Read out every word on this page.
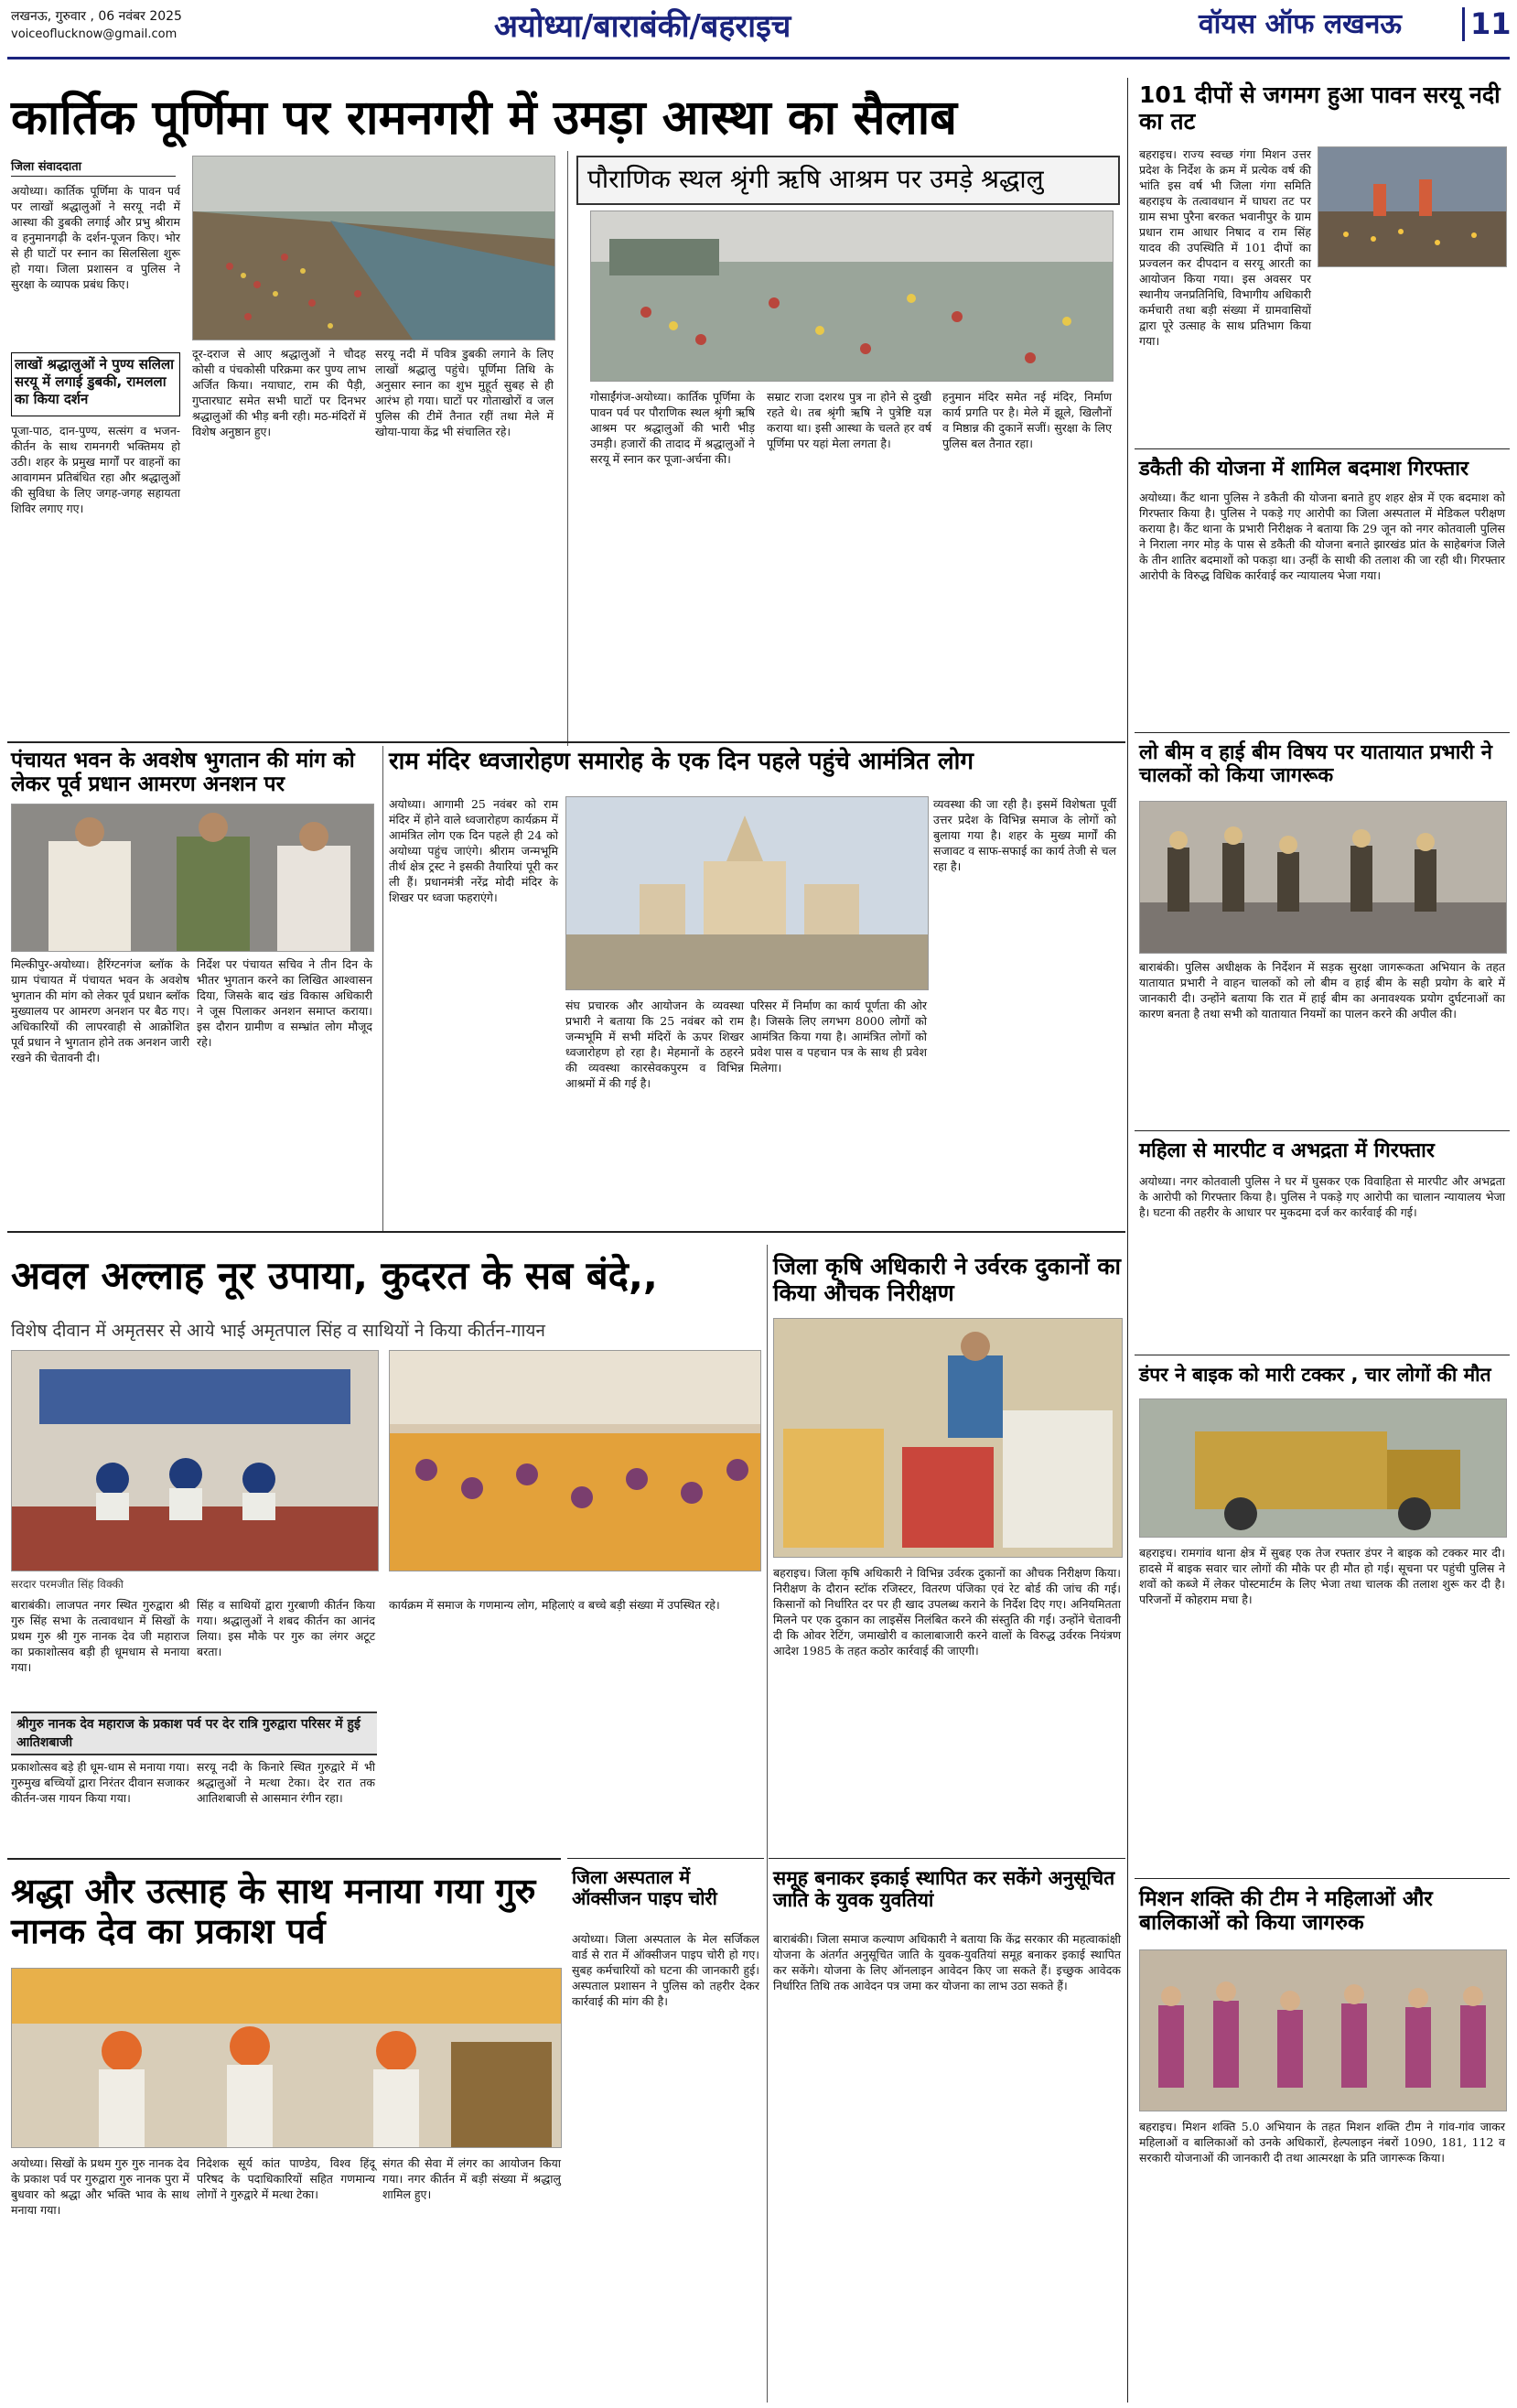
लखनऊ, गुरुवार , 06 नवंबर 2025
voiceoflucknow@gmail.com	अयोध्या/बाराबंकी/बहराइच	वॉयस ऑफ लखनऊ 11
कार्तिक पूर्णिमा पर रामनगरी में उमड़ा आस्था का सैलाब
जिला संवाददाता
अयोध्या। कार्तिक पूर्णिमा के पावन पर्व पर लाखों श्रद्धालुओं ने सरयू नदी में आस्था की डुबकी लगाई और प्रभु श्रीराम व हनुमानगढ़ी के दर्शन-पूजन किए। भोर से ही घाटों पर स्नान का सिलसिला शुरू हो गया। जिला प्रशासन व पुलिस ने सुरक्षा के व्यापक प्रबंध किए।
लाखों श्रद्धालुओं ने पुण्य सलिला सरयू में लगाई डुबकी, रामलला का किया दर्शन
पूजा-पाठ, दान-पुण्य, सत्संग व भजन-कीर्तन के साथ रामनगरी भक्तिमय हो उठी। शहर के प्रमुख मार्गों पर वाहनों का आवागमन प्रतिबंधित रहा और श्रद्धालुओं की सुविधा के लिए जगह-जगह सहायता शिविर लगाए गए।
दूर-दराज से आए श्रद्धालुओं ने चौदह कोसी व पंचकोसी परिक्रमा कर पुण्य लाभ अर्जित किया। नयाघाट, राम की पैड़ी, गुप्तारघाट समेत सभी घाटों पर दिनभर श्रद्धालुओं की भीड़ बनी रही। मठ-मंदिरों में विशेष अनुष्ठान हुए।
सरयू नदी में पवित्र डुबकी लगाने के लिए लाखों श्रद्धालु पहुंचे। पूर्णिमा तिथि के अनुसार स्नान का शुभ मुहूर्त सुबह से ही आरंभ हो गया। घाटों पर गोताखोरों व जल पुलिस की टीमें तैनात रहीं तथा मेले में खोया-पाया केंद्र भी संचालित रहे।
पौराणिक स्थल श्रृंगी ऋषि आश्रम पर उमड़े श्रद्धालु
गोसाईंगंज-अयोध्या। कार्तिक पूर्णिमा के पावन पर्व पर पौराणिक स्थल श्रृंगी ऋषि आश्रम पर श्रद्धालुओं की भारी भीड़ उमड़ी। हजारों की तादाद में श्रद्धालुओं ने सरयू में स्नान कर पूजा-अर्चना की।
सम्राट राजा दशरथ पुत्र ना होने से दुखी रहते थे। तब श्रृंगी ऋषि ने पुत्रेष्टि यज्ञ कराया था। इसी आस्था के चलते हर वर्ष पूर्णिमा पर यहां मेला लगता है।
हनुमान मंदिर समेत नई मंदिर, निर्माण कार्य प्रगति पर है। मेले में झूले, खिलौनों व मिष्ठान्न की दुकानें सजीं। सुरक्षा के लिए पुलिस बल तैनात रहा।
101 दीपों से जगमग हुआ पावन सरयू नदी का तट
बहराइच। राज्य स्वच्छ गंगा मिशन उत्तर प्रदेश के निर्देश के क्रम में प्रत्येक वर्ष की भांति इस वर्ष भी जिला गंगा समिति बहराइच के तत्वावधान में घाघरा तट पर ग्राम सभा पुरैना बरकत भवानीपुर के ग्राम प्रधान राम आधार निषाद व राम सिंह यादव की उपस्थिति में 101 दीपों का प्रज्वलन कर दीपदान व सरयू आरती का आयोजन किया गया। इस अवसर पर स्थानीय जनप्रतिनिधि, विभागीय अधिकारी कर्मचारी तथा बड़ी संख्या में ग्रामवासियों द्वारा पूरे उत्साह के साथ प्रतिभाग किया गया।
डकैती की योजना में शामिल बदमाश गिरफ्तार
अयोध्या। कैंट थाना पुलिस ने डकैती की योजना बनाते हुए शहर क्षेत्र में एक बदमाश को गिरफ्तार किया है। पुलिस ने पकड़े गए आरोपी का जिला अस्पताल में मेडिकल परीक्षण कराया है। कैंट थाना के प्रभारी निरीक्षक ने बताया कि 29 जून को नगर कोतवाली पुलिस ने निराला नगर मोड़ के पास से डकैती की योजना बनाते झारखंड प्रांत के साहेबगंज जिले के तीन शातिर बदमाशों को पकड़ा था। उन्हीं के साथी की तलाश की जा रही थी। गिरफ्तार आरोपी के विरुद्ध विधिक कार्रवाई कर न्यायालय भेजा गया।
लो बीम व हाई बीम विषय पर यातायात प्रभारी ने चालकों को किया जागरूक
बाराबंकी। पुलिस अधीक्षक के निर्देशन में सड़क सुरक्षा जागरूकता अभियान के तहत यातायात प्रभारी ने वाहन चालकों को लो बीम व हाई बीम के सही प्रयोग के बारे में जानकारी दी। उन्होंने बताया कि रात में हाई बीम का अनावश्यक प्रयोग दुर्घटनाओं का कारण बनता है तथा सभी को यातायात नियमों का पालन करने की अपील की।
महिला से मारपीट व अभद्रता में गिरफ्तार
अयोध्या। नगर कोतवाली पुलिस ने घर में घुसकर एक विवाहिता से मारपीट और अभद्रता के आरोपी को गिरफ्तार किया है। पुलिस ने पकड़े गए आरोपी का चालान न्यायालय भेजा है। घटना की तहरीर के आधार पर मुकदमा दर्ज कर कार्रवाई की गई।
डंपर ने बाइक को मारी टक्कर , चार लोगों की मौत
बहराइच। रामगांव थाना क्षेत्र में सुबह एक तेज रफ्तार डंपर ने बाइक को टक्कर मार दी। हादसे में बाइक सवार चार लोगों की मौके पर ही मौत हो गई। सूचना पर पहुंची पुलिस ने शवों को कब्जे में लेकर पोस्टमार्टम के लिए भेजा तथा चालक की तलाश शुरू कर दी है। परिजनों में कोहराम मचा है।
मिशन शक्ति की टीम ने महिलाओं और बालिकाओं को किया जागरुक
बहराइच। मिशन शक्ति 5.0 अभियान के तहत मिशन शक्ति टीम ने गांव-गांव जाकर महिलाओं व बालिकाओं को उनके अधिकारों, हेल्पलाइन नंबरों 1090, 181, 112 व सरकारी योजनाओं की जानकारी दी तथा आत्मरक्षा के प्रति जागरूक किया।
पंचायत भवन के अवशेष भुगतान की मांग को लेकर पूर्व प्रधान आमरण अनशन पर
मिल्कीपुर-अयोध्या। हैरिंग्टनगंज ब्लॉक के ग्राम पंचायत में पंचायत भवन के अवशेष भुगतान की मांग को लेकर पूर्व प्रधान ब्लॉक मुख्यालय पर आमरण अनशन पर बैठ गए। अधिकारियों की लापरवाही से आक्रोशित पूर्व प्रधान ने भुगतान होने तक अनशन जारी रखने की चेतावनी दी।
निर्देश पर पंचायत सचिव ने तीन दिन के भीतर भुगतान करने का लिखित आश्वासन दिया, जिसके बाद खंड विकास अधिकारी ने जूस पिलाकर अनशन समाप्त कराया। इस दौरान ग्रामीण व सम्भ्रांत लोग मौजूद रहे।
राम मंदिर ध्वजारोहण समारोह के एक दिन पहले पहुंचे आमंत्रित लोग
अयोध्या। आगामी 25 नवंबर को राम मंदिर में होने वाले ध्वजारोहण कार्यक्रम में आमंत्रित लोग एक दिन पहले ही 24 को अयोध्या पहुंच जाएंगे। श्रीराम जन्मभूमि तीर्थ क्षेत्र ट्रस्ट ने इसकी तैयारियां पूरी कर ली हैं। प्रधानमंत्री नरेंद्र मोदी मंदिर के शिखर पर ध्वजा फहराएंगे।
संघ प्रचारक और आयोजन के व्यवस्था प्रभारी ने बताया कि 25 नवंबर को राम जन्मभूमि में सभी मंदिरों के ऊपर शिखर ध्वजारोहण हो रहा है। मेहमानों के ठहरने की व्यवस्था कारसेवकपुरम व विभिन्न आश्रमों में की गई है।
परिसर में निर्माण का कार्य पूर्णता की ओर है। जिसके लिए लगभग 8000 लोगों को आमंत्रित किया गया है। आमंत्रित लोगों को प्रवेश पास व पहचान पत्र के साथ ही प्रवेश मिलेगा।
व्यवस्था की जा रही है। इसमें विशेषता पूर्वी उत्तर प्रदेश के विभिन्न समाज के लोगों को बुलाया गया है। शहर के मुख्य मार्गों की सजावट व साफ-सफाई का कार्य तेजी से चल रहा है।
अवल अल्लाह नूर उपाया, कुदरत के सब बंदे,,
विशेष दीवान में अमृतसर से आये भाई अमृतपाल सिंह व साथियों ने किया कीर्तन-गायन
सरदार परमजीत सिंह विक्की
बाराबंकी। लाजपत नगर स्थित गुरुद्वारा श्री गुरु सिंह सभा के तत्वावधान में सिखों के प्रथम गुरु श्री गुरु नानक देव जी महाराज का प्रकाशोत्सव बड़ी ही धूमधाम से मनाया गया।
श्रीगुरु नानक देव महाराज के प्रकाश पर्व पर देर रात्रि गुरुद्वारा परिसर में हुई आतिशबाजी
प्रकाशोत्सव बड़े ही धूम-धाम से मनाया गया। गुरुमुख बच्चियों द्वारा निरंतर दीवान सजाकर कीर्तन-जस गायन किया गया।
सिंह व साथियों द्वारा गुरबाणी कीर्तन किया गया। श्रद्धालुओं ने शबद कीर्तन का आनंद लिया। इस मौके पर गुरु का लंगर अटूट बरता।
सरयू नदी के किनारे स्थित गुरुद्वारे में भी श्रद्धालुओं ने मत्था टेका। देर रात तक आतिशबाजी से आसमान रंगीन रहा।
कार्यक्रम में समाज के गणमान्य लोग, महिलाएं व बच्चे बड़ी संख्या में उपस्थित रहे।
जिला कृषि अधिकारी ने उर्वरक दुकानों का किया औचक निरीक्षण
बहराइच। जिला कृषि अधिकारी ने विभिन्न उर्वरक दुकानों का औचक निरीक्षण किया। निरीक्षण के दौरान स्टॉक रजिस्टर, वितरण पंजिका एवं रेट बोर्ड की जांच की गई। किसानों को निर्धारित दर पर ही खाद उपलब्ध कराने के निर्देश दिए गए। अनियमितता मिलने पर एक दुकान का लाइसेंस निलंबित करने की संस्तुति की गई। उन्होंने चेतावनी दी कि ओवर रेटिंग, जमाखोरी व कालाबाजारी करने वालों के विरुद्ध उर्वरक नियंत्रण आदेश 1985 के तहत कठोर कार्रवाई की जाएगी।
जिला अस्पताल में ऑक्सीजन पाइप चोरी
अयोध्या। जिला अस्पताल के मेल सर्जिकल वार्ड से रात में ऑक्सीजन पाइप चोरी हो गए। सुबह कर्मचारियों को घटना की जानकारी हुई। अस्पताल प्रशासन ने पुलिस को तहरीर देकर कार्रवाई की मांग की है।
समूह बनाकर इकाई स्थापित कर सकेंगे अनुसूचित जाति के युवक युवतियां
बाराबंकी। जिला समाज कल्याण अधिकारी ने बताया कि केंद्र सरकार की महत्वाकांक्षी योजना के अंतर्गत अनुसूचित जाति के युवक-युवतियां समूह बनाकर इकाई स्थापित कर सकेंगे। योजना के लिए ऑनलाइन आवेदन किए जा सकते हैं। इच्छुक आवेदक निर्धारित तिथि तक आवेदन पत्र जमा कर योजना का लाभ उठा सकते हैं।
श्रद्धा और उत्साह के साथ मनाया गया गुरु नानक देव का प्रकाश पर्व
अयोध्या। सिखों के प्रथम गुरु गुरु नानक देव के प्रकाश पर्व पर गुरुद्वारा गुरु नानक पुरा में बुधवार को श्रद्धा और भक्ति भाव के साथ मनाया गया।
निदेशक सूर्य कांत पाण्डेय, विश्व हिंदू परिषद के पदाधिकारियों सहित गणमान्य लोगों ने गुरुद्वारे में मत्था टेका।
संगत की सेवा में लंगर का आयोजन किया गया। नगर कीर्तन में बड़ी संख्या में श्रद्धालु शामिल हुए।
